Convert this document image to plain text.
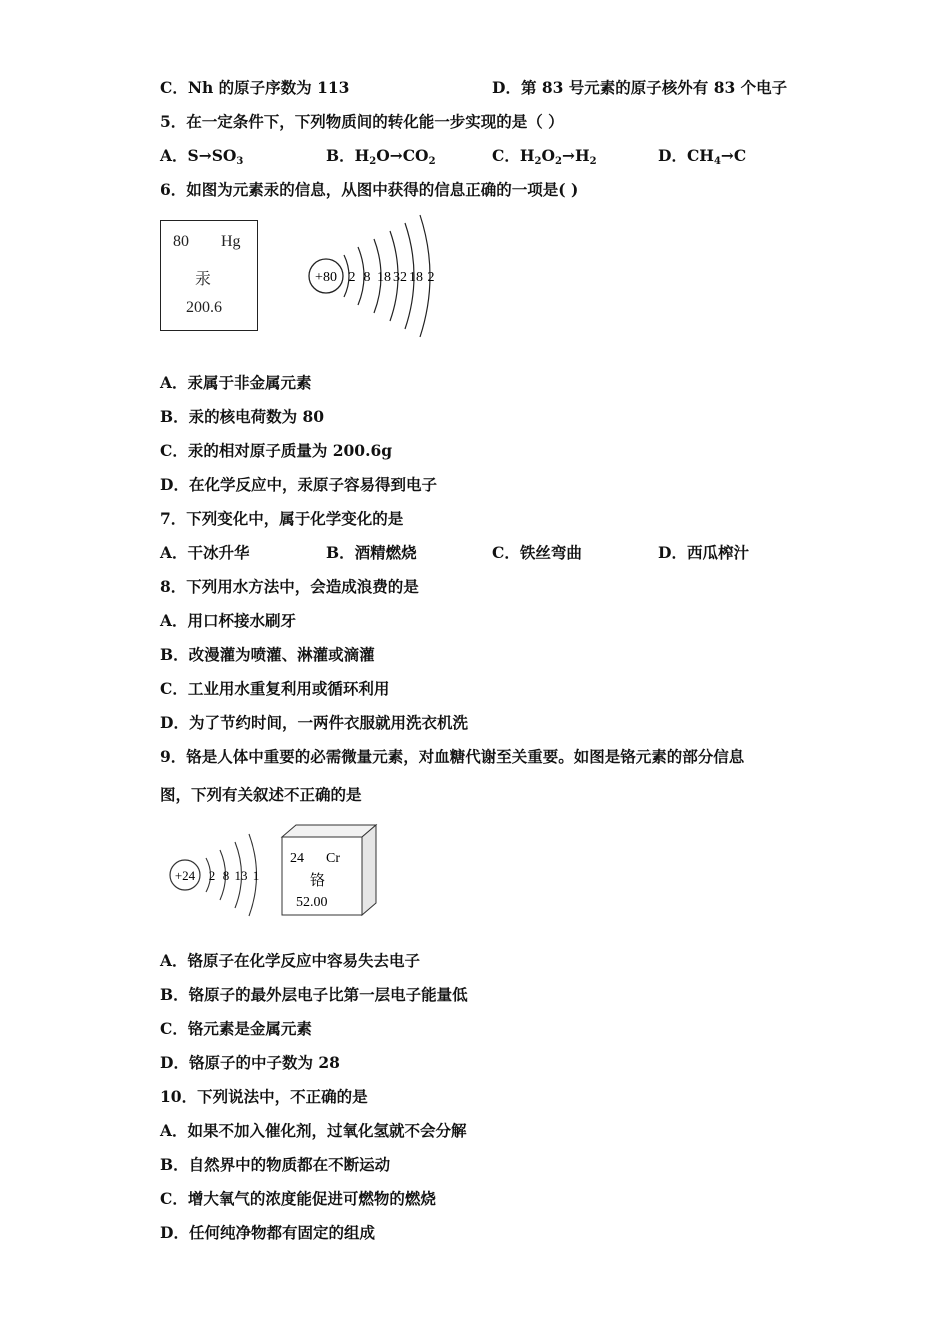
C．Nh 的原子序数为 113	D．第 83 号元素的原子核外有 83 个电子
5．在一定条件下，下列物质间的转化能一步实现的是（ ）
A．$S\to SO_3$	B．$H_2O\to CO_2$	C．$H_2O_2\to H_2$	D．$CH_4\to C$
6．如图为元素汞的信息，从图中获得的信息正确的一项是( )
80 Hg
汞
200.6
+80 2 8 18 32 18 2
A．汞属于非金属元素
B．汞的核电荷数为 80
C．汞的相对原子质量为 200.6g
D．在化学反应中，汞原子容易得到电子
7．下列变化中，属于化学变化的是
A．干冰升华	B．酒精燃烧	C．铁丝弯曲	D．西瓜榨汁
8．下列用水方法中，会造成浪费的是
A．用口杯接水刷牙
B．改漫灌为喷灌、淋灌或滴灌
C．工业用水重复利用或循环利用
D．为了节约时间，一两件衣服就用洗衣机洗
9．铬是人体中重要的必需微量元素，对血糖代谢至关重要。如图是铬元素的部分信息
图，下列有关叙述不正确的是
+24 2 8 13 1
24 Cr
铬
52.00
A．铬原子在化学反应中容易失去电子
B．铬原子的最外层电子比第一层电子能量低
C．铬元素是金属元素
D．铬原子的中子数为 28
10．下列说法中，不正确的是
A．如果不加入催化剂，过氧化氢就不会分解
B．自然界中的物质都在不断运动
C．增大氧气的浓度能促进可燃物的燃烧
D．任何纯净物都有固定的组成
